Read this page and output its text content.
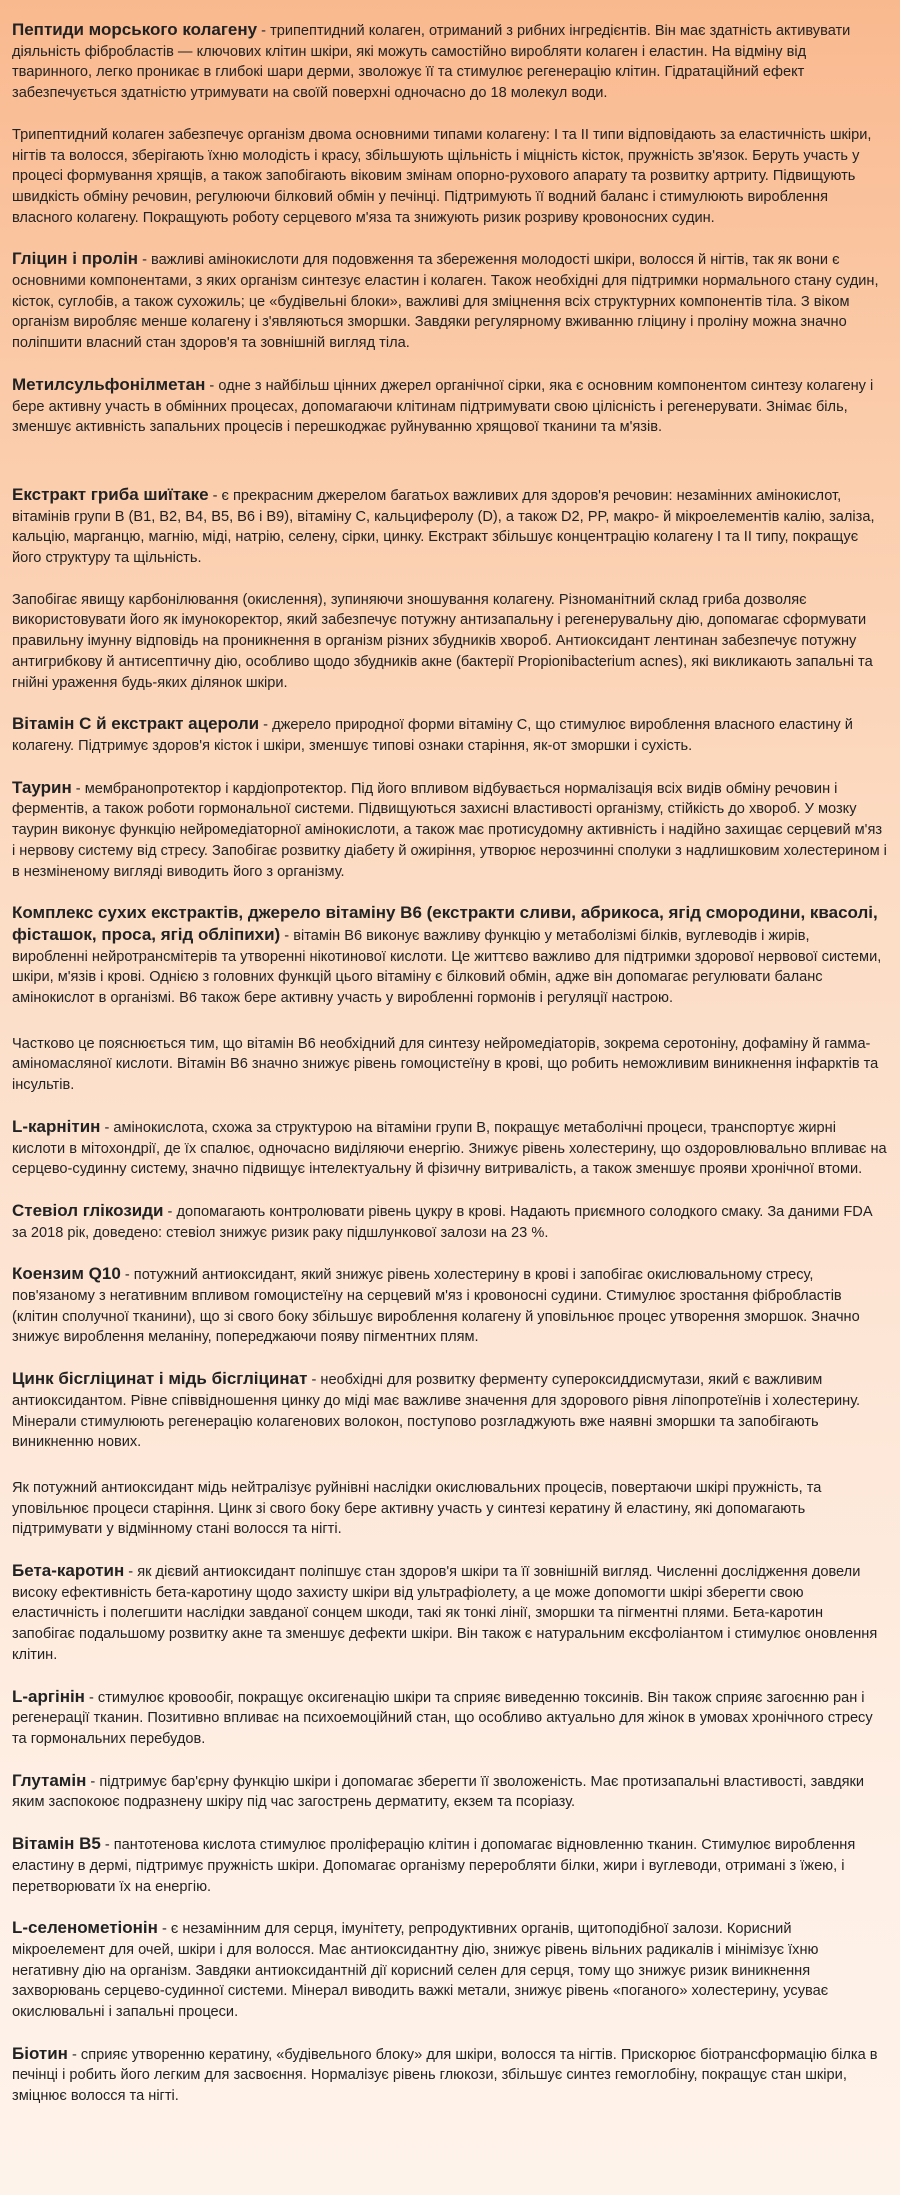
Пептиди морського колагену - трипептидний колаген, отриманий з рибних інгредієнтів. Він має здатність активувати діяльність фібробластів — ключових клітин шкіри, які можуть самостійно виробляти колаген і еластин. На відміну від тваринного, легко проникає в глибокі шари дерми, зволожує її та стимулює регенерацію клітин. Гідратаційний ефект забезпечується здатністю утримувати на своїй поверхні одночасно до 18 молекул води.

Трипептидний колаген забезпечує організм двома основними типами колагену: I та II типи відповідають за еластичність шкіри, нігтів та волосся, зберігають їхню молодість і красу, збільшують щільність і міцність кісток, пружність зв'язок. Беруть участь у процесі формування хрящів, а також запобігають віковим змінам опорно-рухового апарату та розвитку артриту. Підвищують швидкість обміну речовин, регулюючи білковий обмін у печінці. Підтримують її водний баланс і стимулюють вироблення власного колагену. Покращують роботу серцевого м'яза та знижують ризик розриву кровоносних судин.

Гліцин і пролін - важливі амінокислоти для подовження та збереження молодості шкіри, волосся й нігтів, так як вони є основними компонентами, з яких організм синтезує еластин і колаген. Також необхідні для підтримки нормального стану судин, кісток, суглобів, а також сухожиль; це «будівельні блоки», важливі для зміцнення всіх структурних компонентів тіла. З віком організм виробляє менше колагену і з'являються зморшки. Завдяки регулярному вживанню гліцину і проліну можна значно поліпшити власний стан здоров'я та зовнішній вигляд тіла.

Метилсульфонілметан - одне з найбільш цінних джерел органічної сірки, яка є основним компонентом синтезу колагену і бере активну участь в обмінних процесах, допомагаючи клітинам підтримувати свою цілісність і регенерувати. Знімає біль, зменшує активність запальних процесів і перешкоджає руйнуванню хрящової тканини та м'язів.

Екстракт гриба шиїтаке - є прекрасним джерелом багатьох важливих для здоров'я речовин: незамінних амінокислот, вітамінів групи В (B1, B2, B4, B5, B6 і B9), вітаміну С, кальциферолу (D), а також D2, PP, макро- й мікроелементів калію, заліза, кальцію, марганцю, магнію, міді, натрію, селену, сірки, цинку. Екстракт збільшує концентрацію колагену I та II типу, покращує його структуру та щільність.

Запобігає явищу карбонілювання (окислення), зупиняючи зношування колагену. Різноманітний склад гриба дозволяє використовувати його як імунокоректор, який забезпечує потужну антизапальну і регенерувальну дію, допомагає сформувати правильну імунну відповідь на проникнення в організм різних збудників хвороб. Антиоксидант лентинан забезпечує потужну антигрибкову й антисептичну дію, особливо щодо збудників акне (бактерії Propionibacterium acnes), які викликають запальні та гнійні ураження будь-яких ділянок шкіри.

Вітамін С й екстракт ацероли - джерело природної форми вітаміну С, що стимулює вироблення власного еластину й колагену. Підтримує здоров'я кісток і шкіри, зменшує типові ознаки старіння, як-от зморшки і сухість.

Таурин - мембранопротектор і кардіопротектор. Під його впливом відбувається нормалізація всіх видів обміну речовин і ферментів, а також роботи гормональної системи. Підвищуються захисні властивості організму, стійкість до хвороб. У мозку таурин виконує функцію нейромедіаторної амінокислоти, а також має протисудомну активність і надійно захищає серцевий м'яз і нервову систему від стресу. Запобігає розвитку діабету й ожиріння, утворює нерозчинні сполуки з надлишковим холестерином і в незміненому вигляді виводить його з організму.

Комплекс сухих екстрактів, джерело вітаміну В6 (екстракти сливи, абрикоса, ягід смородини, квасолі, фісташок, проса, ягід обліпихи) - вітамін В6 виконує важливу функцію у метаболізмі білків, вуглеводів і жирів, виробленні нейротрансмітерів та утворенні нікотинової кислоти. Це життєво важливо для підтримки здорової нервової системи, шкіри, м'язів і крові. Однією з головних функцій цього вітаміну є білковий обмін, адже він допомагає регулювати баланс амінокислот в організмі. В6 також бере активну участь у виробленні гормонів і регуляції настрою.

Частково це пояснюється тим, що вітамін В6 необхідний для синтезу нейромедіаторів, зокрема серотоніну, дофаміну й гамма-аміномасляної кислоти. Вітамін В6 значно знижує рівень гомоцистеїну в крові, що робить неможливим виникнення інфарктів та інсультів.

L-карнітин - амінокислота, схожа за структурою на вітаміни групи В, покращує метаболічні процеси, транспортує жирні кислоти в мітохондрії, де їх спалює, одночасно виділяючи енергію. Знижує рівень холестерину, що оздоровлювально впливає на серцево-судинну систему, значно підвищує інтелектуальну й фізичну витривалість, а також зменшує прояви хронічної втоми.

Стевіол глікозиди - допомагають контролювати рівень цукру в крові. Надають приємного солодкого смаку. За даними FDA за 2018 рік, доведено: стевіол знижує ризик раку підшлункової залози на 23 %.

Коензим Q10 - потужний антиоксидант, який знижує рівень холестерину в крові і запобігає окислювальному стресу, пов'язаному з негативним впливом гомоцистеїну на серцевий м'яз і кровоносні судини. Стимулює зростання фібробластів (клітин сполучної тканини), що зі свого боку збільшує вироблення колагену й уповільнює процес утворення зморшок. Значно знижує вироблення меланіну, попереджаючи появу пігментних плям.

Цинк бісгліцинат і мідь бісгліцинат - необхідні для розвитку ферменту супероксиддисмутази, який є важливим антиоксидантом. Рівне співвідношення цинку до міді має важливе значення для здорового рівня ліпопротеїнів і холестерину. Мінерали стимулюють регенерацію колагенових волокон, поступово розгладжують вже наявні зморшки та запобігають виникненню нових.

Як потужний антиоксидант мідь нейтралізує руйнівні наслідки окислювальних процесів, повертаючи шкірі пружність, та уповільнює процеси старіння. Цинк зі свого боку бере активну участь у синтезі кератину й еластину, які допомагають підтримувати у відмінному стані волосся та нігті.

Бета-каротин - як дієвий антиоксидант поліпшує стан здоров'я шкіри та її зовнішній вигляд. Численні дослідження довели високу ефективність бета-каротину щодо захисту шкіри від ультрафіолету, а це може допомогти шкірі зберегти свою еластичність і полегшити наслідки завданої сонцем шкоди, такі як тонкі лінії, зморшки та пігментні плями. Бета-каротин запобігає подальшому розвитку акне та зменшує дефекти шкіри. Він також є натуральним ексфоліантом і стимулює оновлення клітин.

L-аргінін - стимулює кровообіг, покращує оксигенацію шкіри та сприяє виведенню токсинів. Він також сприяє загоєнню ран і регенерації тканин. Позитивно впливає на психоемоційний стан, що особливо актуально для жінок в умовах хронічного стресу та гормональних перебудов.

Глутамін - підтримує бар'єрну функцію шкіри і допомагає зберегти її зволоженість. Має протизапальні властивості, завдяки яким заспокоює подразнену шкіру під час загострень дерматиту, екзем та псоріазу.

Вітамін В5 - пантотенова кислота стимулює проліферацію клітин і допомагає відновленню тканин. Стимулює вироблення еластину в дермі, підтримує пружність шкіри. Допомагає організму переробляти білки, жири і вуглеводи, отримані з їжею, і перетворювати їх на енергію.

L-селенометіонін - є незамінним для серця, імунітету, репродуктивних органів, щитоподібної залози. Корисний мікроелемент для очей, шкіри і для волосся. Має антиоксидантну дію, знижує рівень вільних радикалів і мінімізує їхню негативну дію на організм. Завдяки антиоксидантній дії корисний селен для серця, тому що знижує ризик виникнення захворювань серцево-судинної системи. Мінерал виводить важкі метали, знижує рівень «поганого» холестерину, усуває окислювальні і запальні процеси.

Біотин - сприяє утворенню кератину, «будівельного блоку» для шкіри, волосся та нігтів. Прискорює біотрансформацію білка в печінці і робить його легким для засвоєння. Нормалізує рівень глюкози, збільшує синтез гемоглобіну, покращує стан шкіри, зміцнює волосся та нігті.
